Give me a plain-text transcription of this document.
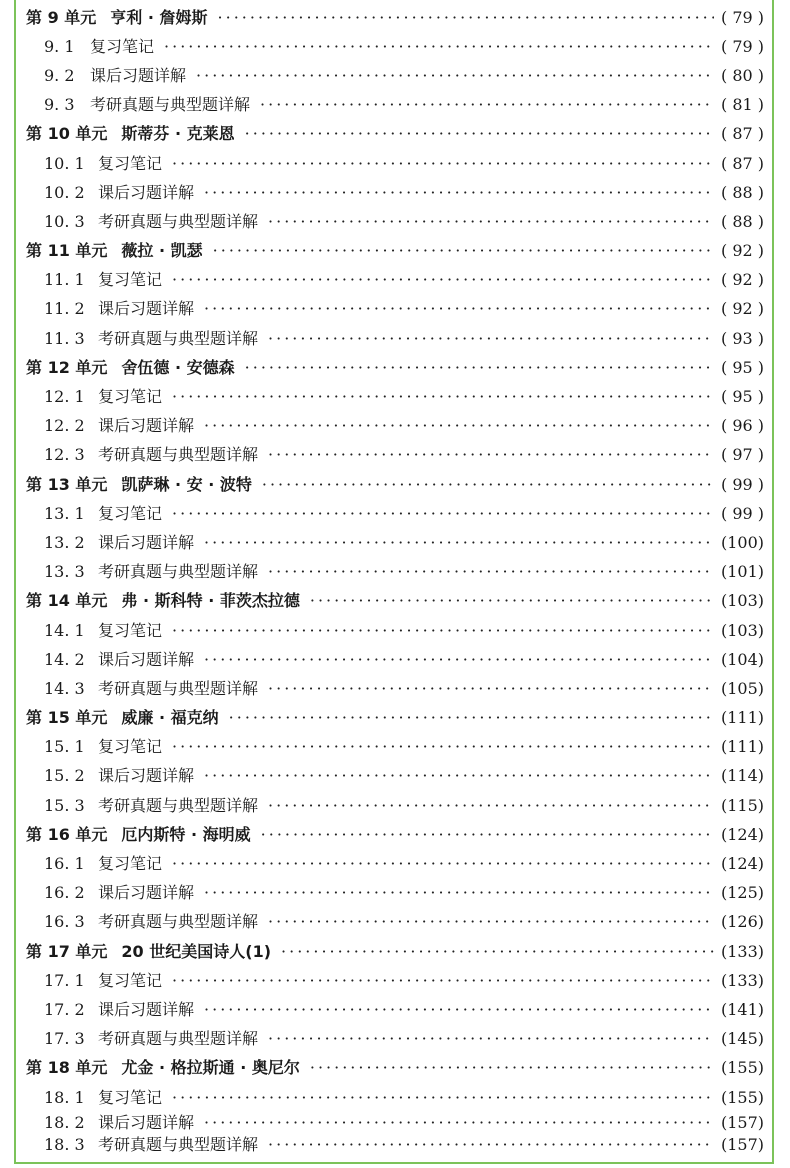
第 9 单元 亨利 · 詹姆斯 ·····	( 79 )
9. 1 复习笔记 ·····	( 79 )
9. 2 课后习题详解 ·····	( 80 )
9. 3 考研真题与典型题详解 ·····	( 81 )
第 10 单元 斯蒂芬 · 克莱恩 ·····	( 87 )
10. 1 复习笔记 ·····	( 87 )
10. 2 课后习题详解 ·····	( 88 )
10. 3 考研真题与典型题详解 ·····	( 88 )
第 11 单元 薇拉 · 凯瑟 ·····	( 92 )
11. 1 复习笔记 ·····	( 92 )
11. 2 课后习题详解 ·····	( 92 )
11. 3 考研真题与典型题详解 ·····	( 93 )
第 12 单元 舍伍德 · 安德森 ·····	( 95 )
12. 1 复习笔记 ·····	( 95 )
12. 2 课后习题详解 ·····	( 96 )
12. 3 考研真题与典型题详解 ·····	( 97 )
第 13 单元 凯萨琳 · 安 · 波特 ·····	( 99 )
13. 1 复习笔记 ·····	( 99 )
13. 2 课后习题详解 ·····	(100)
13. 3 考研真题与典型题详解 ·····	(101)
第 14 单元 弗 · 斯科特 · 菲茨杰拉德 ·····	(103)
14. 1 复习笔记 ·····	(103)
14. 2 课后习题详解 ·····	(104)
14. 3 考研真题与典型题详解 ·····	(105)
第 15 单元 威廉 · 福克纳 ·····	(111)
15. 1 复习笔记 ·····	(111)
15. 2 课后习题详解 ·····	(114)
15. 3 考研真题与典型题详解 ·····	(115)
第 16 单元 厄内斯特 · 海明威 ·····	(124)
16. 1 复习笔记 ·····	(124)
16. 2 课后习题详解 ·····	(125)
16. 3 考研真题与典型题详解 ·····	(126)
第 17 单元 20 世纪美国诗人(1) ·····	(133)
17. 1 复习笔记 ·····	(133)
17. 2 课后习题详解 ·····	(141)
17. 3 考研真题与典型题详解 ·····	(145)
第 18 单元 尤金 · 格拉斯通 · 奥尼尔 ·····	(155)
18. 1 复习笔记 ·····	(155)
18. 2 课后习题详解 ·····	(157)
18. 3 考研真题与典型题详解 ·····	(157)
